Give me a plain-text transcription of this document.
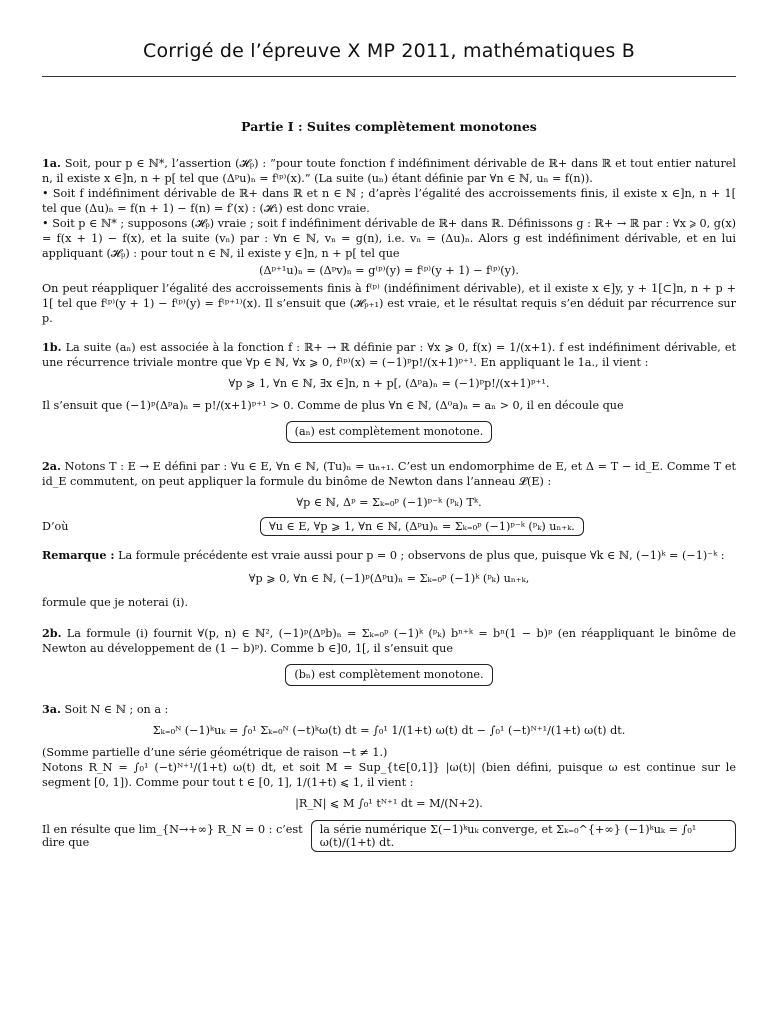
Corrigé de l’épreuve X MP 2011, mathématiques B
Partie I : Suites complètement monotones
1a. Soit, pour p ∈ ℕ*, l’assertion (𝓗ₚ) : ”pour toute fonction f indéfiniment dérivable de ℝ+ dans ℝ et tout entier naturel n, il existe x ∈]n, n + p[ tel que (Δᵖu)ₙ = f⁽ᵖ⁾(x).” (La suite (uₙ) étant définie par ∀n ∈ ℕ, uₙ = f(n)).
• Soit f indéfiniment dérivable de ℝ+ dans ℝ et n ∈ ℕ ; d’après l’égalité des accroissements finis, il existe x ∈]n, n + 1[ tel que (Δu)ₙ = f(n + 1) − f(n) = f′(x) : (𝓗₁) est donc vraie.
• Soit p ∈ ℕ* ; supposons (𝓗ₚ) vraie ; soit f indéfiniment dérivable de ℝ+ dans ℝ. Définissons g : ℝ+ → ℝ par : ∀x ⩾ 0, g(x) = f(x + 1) − f(x), et la suite (vₙ) par : ∀n ∈ ℕ, vₙ = g(n), i.e. vₙ = (Δu)ₙ. Alors g est indéfiniment dérivable, et en lui appliquant (𝓗ₚ) : pour tout n ∈ ℕ, il existe y ∈]n, n + p[ tel que
(Δᵖ⁺¹u)ₙ = (Δᵖv)ₙ = g⁽ᵖ⁾(y) = f⁽ᵖ⁾(y + 1) − f⁽ᵖ⁾(y).
On peut réappliquer l’égalité des accroissements finis à f⁽ᵖ⁾ (indéfiniment dérivable), et il existe x ∈]y, y + 1[⊂]n, n + p + 1[ tel que f⁽ᵖ⁾(y + 1) − f⁽ᵖ⁾(y) = f⁽ᵖ⁺¹⁾(x). Il s’ensuit que (𝓗ₚ₊₁) est vraie, et le résultat requis s’en déduit par récurrence sur p.
1b. La suite (aₙ) est associée à la fonction f : ℝ+ → ℝ définie par : ∀x ⩾ 0, f(x) = 1/(x+1). f est indéfiniment dérivable, et une récurrence triviale montre que ∀p ∈ ℕ, ∀x ⩾ 0, f⁽ᵖ⁾(x) = (−1)ᵖp!/(x+1)ᵖ⁺¹. En appliquant le 1a., il vient :
∀p ⩾ 1, ∀n ∈ ℕ, ∃x ∈]n, n + p[, (Δᵖa)ₙ = (−1)ᵖp!/(x+1)ᵖ⁺¹.
Il s’ensuit que (−1)ᵖ(Δᵖa)ₙ = p!/(x+1)ᵖ⁺¹ > 0. Comme de plus ∀n ∈ ℕ, (Δ⁰a)ₙ = aₙ > 0, il en découle que
(aₙ) est complètement monotone.
2a. Notons T : E → E défini par : ∀u ∈ E, ∀n ∈ ℕ, (Tu)ₙ = uₙ₊₁. C’est un endomorphime de E, et Δ = T − id_E. Comme T et id_E commutent, on peut appliquer la formule du binôme de Newton dans l’anneau 𝓛(E) :
∀p ∈ ℕ, Δᵖ = Σₖ₌₀ᵖ (−1)ᵖ⁻ᵏ (ᵖₖ) Tᵏ.
D’où	∀u ∈ E, ∀p ⩾ 1, ∀n ∈ ℕ, (Δᵖu)ₙ = Σₖ₌₀ᵖ (−1)ᵖ⁻ᵏ (ᵖₖ) uₙ₊ₖ.
Remarque : La formule précédente est vraie aussi pour p = 0 ; observons de plus que, puisque ∀k ∈ ℕ, (−1)ᵏ = (−1)⁻ᵏ :
∀p ⩾ 0, ∀n ∈ ℕ, (−1)ᵖ(Δᵖu)ₙ = Σₖ₌₀ᵖ (−1)ᵏ (ᵖₖ) uₙ₊ₖ,
formule que je noterai (i).
2b. La formule (i) fournit ∀(p, n) ∈ ℕ², (−1)ᵖ(Δᵖb)ₙ = Σₖ₌₀ᵖ (−1)ᵏ (ᵖₖ) bⁿ⁺ᵏ = bⁿ(1 − b)ᵖ (en réappliquant le binôme de Newton au développement de (1 − b)ᵖ). Comme b ∈]0, 1[, il s’ensuit que
(bₙ) est complètement monotone.
3a. Soit N ∈ ℕ ; on a :
Σₖ₌₀ᴺ (−1)ᵏuₖ = ∫₀¹ Σₖ₌₀ᴺ (−t)ᵏω(t) dt = ∫₀¹ 1/(1+t) ω(t) dt − ∫₀¹ (−t)ᴺ⁺¹/(1+t) ω(t) dt.
(Somme partielle d’une série géométrique de raison −t ≠ 1.)
Notons R_N = ∫₀¹ (−t)ᴺ⁺¹/(1+t) ω(t) dt, et soit M = Sup_{t∈[0,1]} |ω(t)| (bien défini, puisque ω est continue sur le segment [0, 1]). Comme pour tout t ∈ [0, 1], 1/(1+t) ⩽ 1, il vient :
|R_N| ⩽ M ∫₀¹ tᴺ⁺¹ dt = M/(N+2).
Il en résulte que lim_{N→+∞} R_N = 0 : c’est dire que
la série numérique Σ(−1)ᵏuₖ converge, et Σₖ₌₀^{+∞} (−1)ᵏuₖ = ∫₀¹ ω(t)/(1+t) dt.
